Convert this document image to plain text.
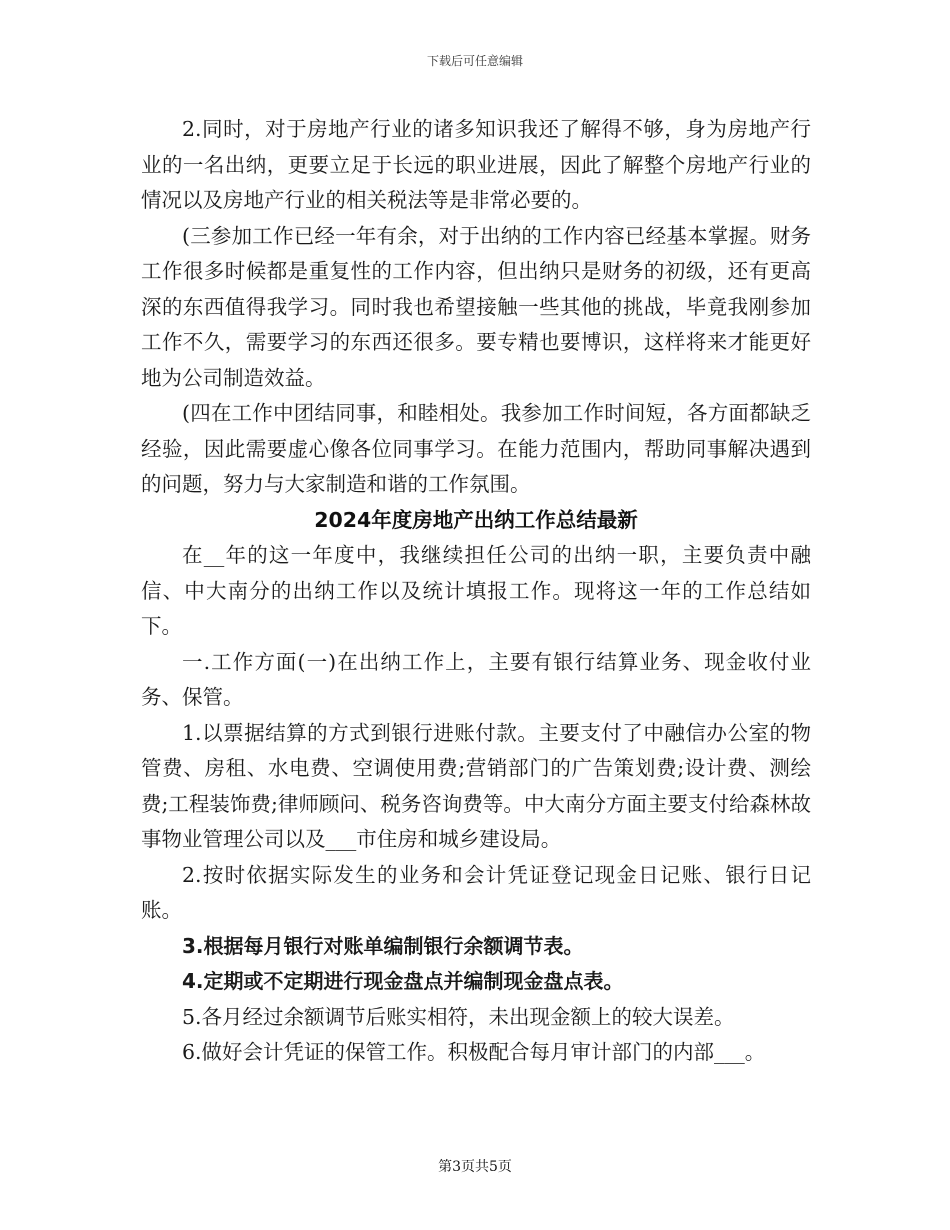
下载后可任意编辑

2.同时，对于房地产行业的诸多知识我还了解得不够，身为房地产行业的一名出纳，更要立足于长远的职业进展，因此了解整个房地产行业的情况以及房地产行业的相关税法等是非常必要的。

(三参加工作已经一年有余，对于出纳的工作内容已经基本掌握。财务工作很多时候都是重复性的工作内容，但出纳只是财务的初级，还有更高深的东西值得我学习。同时我也希望接触一些其他的挑战，毕竟我刚参加工作不久，需要学习的东西还很多。要专精也要博识，这样将来才能更好地为公司制造效益。

(四在工作中团结同事，和睦相处。我参加工作时间短，各方面都缺乏经验，因此需要虚心像各位同事学习。在能力范围内，帮助同事解决遇到的问题，努力与大家制造和谐的工作氛围。

2024年度房地产出纳工作总结最新

在__年的这一年度中，我继续担任公司的出纳一职，主要负责中融信、中大南分的出纳工作以及统计填报工作。现将这一年的工作总结如下。

一.工作方面(一)在出纳工作上，主要有银行结算业务、现金收付业务、保管。

1.以票据结算的方式到银行进账付款。主要支付了中融信办公室的物管费、房租、水电费、空调使用费;营销部门的广告策划费;设计费、测绘费;工程装饰费;律师顾问、税务咨询费等。中大南分方面主要支付给森林故事物业管理公司以及___市住房和城乡建设局。

2.按时依据实际发生的业务和会计凭证登记现金日记账、银行日记账。

3.根据每月银行对账单编制银行余额调节表。

4.定期或不定期进行现金盘点并编制现金盘点表。

5.各月经过余额调节后账实相符，未出现金额上的较大误差。

6.做好会计凭证的保管工作。积极配合每月审计部门的内部___。

第3页共5页
